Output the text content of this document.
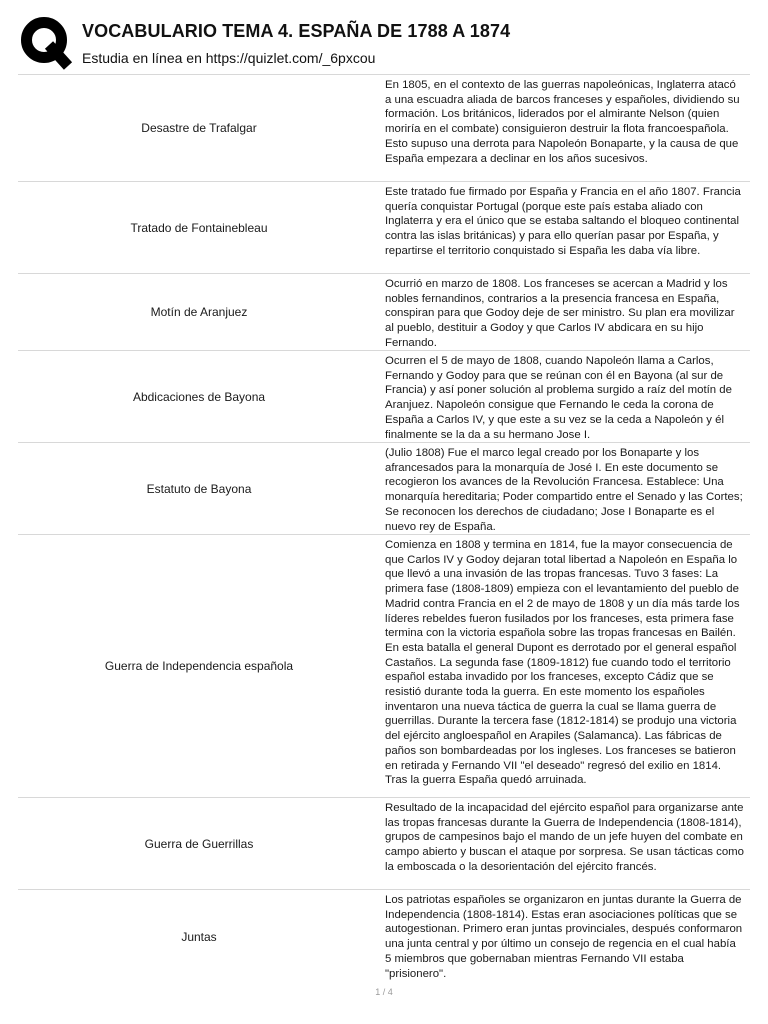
VOCABULARIO TEMA 4. ESPAÑA DE 1788 A 1874
Estudia en línea en https://quizlet.com/_6pxcou
Desastre de Trafalgar
En 1805, en el contexto de las guerras napoleónicas, Inglaterra atacó a una escuadra aliada de barcos franceses y españoles, dividiendo su formación. Los británicos, liderados por el almirante Nelson (quien moriría en el combate) consiguieron destruir la flota francoespañola. Esto supuso una derrota para Napoleón Bonaparte, y la causa de que España empezara a declinar en los años sucesivos.
Tratado de Fontainebleau
Este tratado fue firmado por España y Francia en el año 1807. Francia quería conquistar Portugal (porque este país estaba aliado con Inglaterra y era el único que se estaba saltando el bloqueo continental contra las islas británicas) y para ello querían pasar por España, y repartirse el territorio conquistado si España les daba vía libre.
Motín de Aranjuez
Ocurrió en marzo de 1808. Los franceses se acercan a Madrid y los nobles fernandinos, contrarios a la presencia francesa en España, conspiran para que Godoy deje de ser ministro. Su plan era movilizar al pueblo, destituir a Godoy y que Carlos IV abdicara en su hijo Fernando.
Abdicaciones de Bayona
Ocurren el 5 de mayo de 1808, cuando Napoleón llama a Carlos, Fernando y Godoy para que se reúnan con él en Bayona (al sur de Francia) y así poner solución al problema surgido a raíz del motín de Aranjuez. Napoleón consigue que Fernando le ceda la corona de España a Carlos IV, y que este a su vez se la ceda a Napoleón y él finalmente se la da a su hermano Jose I.
Estatuto de Bayona
(Julio 1808) Fue el marco legal creado por los Bonaparte y los afrancesados para la monarquía de José I. En este documento se recogieron los avances de la Revolución Francesa. Establece: Una monarquía hereditaria; Poder compartido entre el Senado y las Cortes; Se reconocen los derechos de ciudadano; Jose I Bonaparte es el nuevo rey de España.
Guerra de Independencia española
Comienza en 1808 y termina en 1814, fue la mayor consecuencia de que Carlos IV y Godoy dejaran total libertad a Napoleón en España lo que llevó a una invasión de las tropas francesas. Tuvo 3 fases: La primera fase (1808-1809) empieza con el levantamiento del pueblo de Madrid contra Francia en el 2 de mayo de 1808 y un día más tarde los líderes rebeldes fueron fusilados por los franceses, esta primera fase termina con la victoria española sobre las tropas francesas en Bailén. En esta batalla el general Dupont es derrotado por el general español Castaños. La segunda fase (1809-1812) fue cuando todo el territorio español estaba invadido por los franceses, excepto Cádiz que se resistió durante toda la guerra. En este momento los españoles inventaron una nueva táctica de guerra la cual se llama guerra de guerrillas. Durante la tercera fase (1812-1814) se produjo una victoria del ejército angloespañol en Arapiles (Salamanca). Las fábricas de paños son bombardeadas por los ingleses. Los franceses se batieron en retirada y Fernando VII "el deseado" regresó del exilio en 1814. Tras la guerra España quedó arruinada.
Guerra de Guerrillas
Resultado de la incapacidad del ejército español para organizarse ante las tropas francesas durante la Guerra de Independencia (1808-1814), grupos de campesinos bajo el mando de un jefe huyen del combate en campo abierto y buscan el ataque por sorpresa. Se usan tácticas como la emboscada o la desorientación del ejército francés.
Juntas
Los patriotas españoles se organizaron en juntas durante la Guerra de Independencia (1808-1814). Estas eran asociaciones políticas que se autogestionan. Primero eran juntas provinciales, después conformaron una junta central y por último un consejo de regencia en el cual había 5 miembros que gobernaban mientras Fernando VII estaba "prisionero".
1 / 4
